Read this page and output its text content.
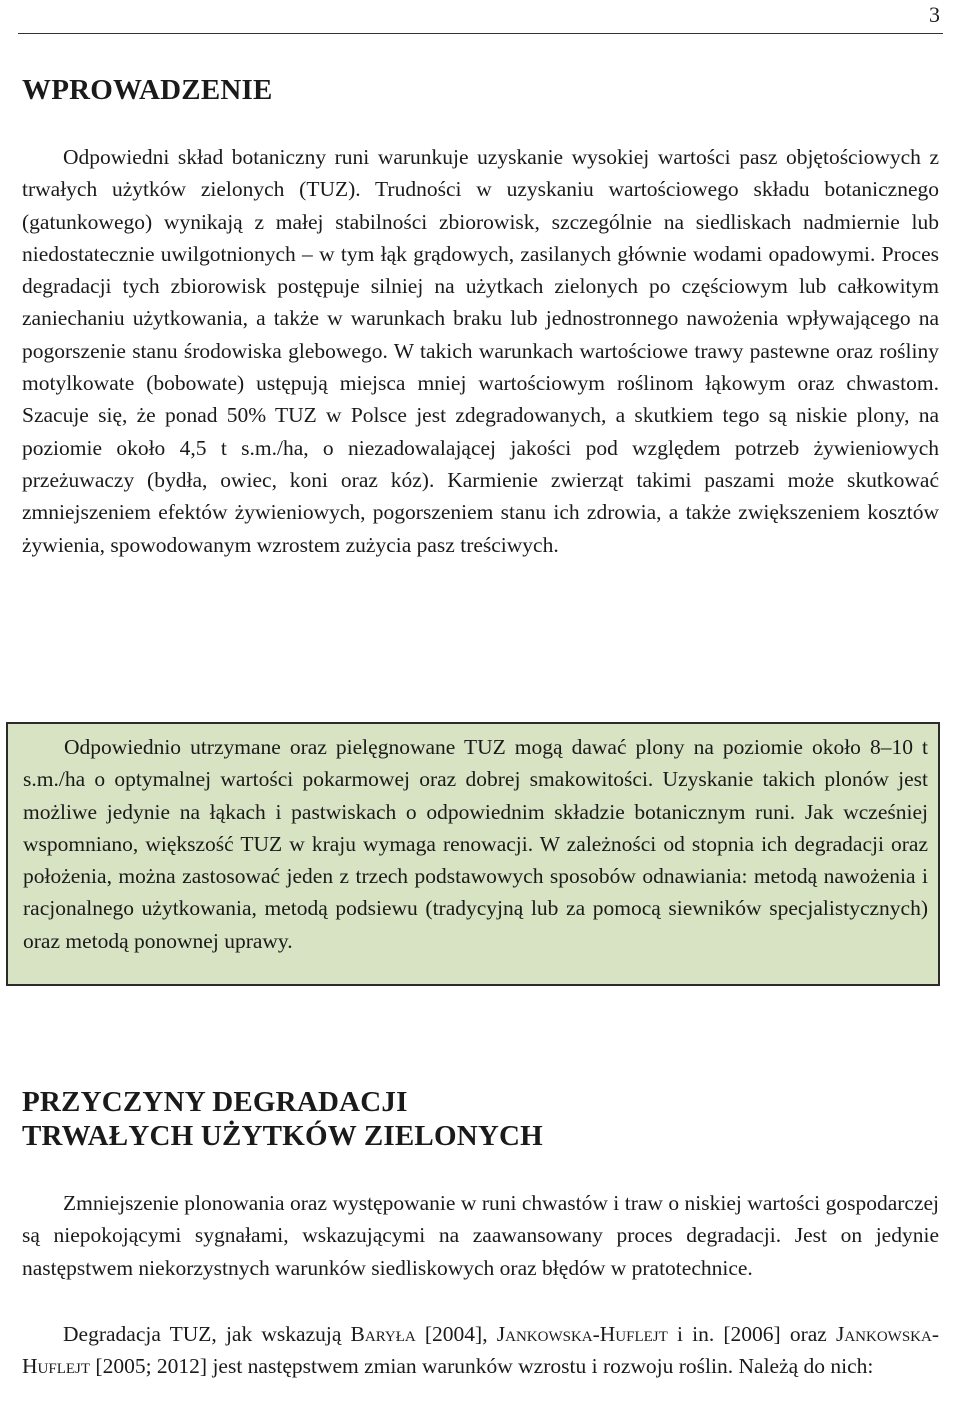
3
WPROWADZENIE

Odpowiedni skład botaniczny runi warunkuje uzyskanie wysokiej wartości pasz objętościowych z trwałych użytków zielonych (TUZ). Trudności w uzyskaniu wartościowego składu botanicznego (gatunkowego) wynikają z małej stabilności zbiorowisk, szczególnie na siedliskach nadmiernie lub niedostatecznie uwilgotnionych – w tym łąk grądowych, zasilanych głównie wodami opadowymi. Proces degradacji tych zbiorowisk postępuje silniej na użytkach zielonych po częściowym lub całkowitym zaniechaniu użytkowania, a także w warunkach braku lub jednostronnego nawożenia wpływającego na pogorszenie stanu środowiska glebowego. W takich warunkach wartościowe trawy pastewne oraz rośliny motylkowate (bobowate) ustępują miejsca mniej wartościowym roślinom łąkowym oraz chwastom. Szacuje się, że ponad 50% TUZ w Polsce jest zdegradowanych, a skutkiem tego są niskie plony, na poziomie około 4,5 t s.m./ha, o niezadowalającej jakości pod względem potrzeb żywieniowych przeżuwaczy (bydła, owiec, koni oraz kóz). Karmienie zwierząt takimi paszami może skutkować zmniejszeniem efektów żywieniowych, pogorszeniem stanu ich zdrowia, a także zwiększeniem kosztów żywienia, spowodowanym wzrostem zużycia pasz treściwych.

Odpowiednio utrzymane oraz pielęgnowane TUZ mogą dawać plony na poziomie około 8–10 t s.m./ha o optymalnej wartości pokarmowej oraz dobrej smakowitości. Uzyskanie takich plonów jest możliwe jedynie na łąkach i pastwiskach o odpowiednim składzie botanicznym runi. Jak wcześniej wspomniano, większość TUZ w kraju wymaga renowacji. W zależności od stopnia ich degradacji oraz położenia, można zastosować jeden z trzech podstawowych sposobów odnawiania: metodą nawożenia i racjonalnego użytkowania, metodą podsiewu (tradycyjną lub za pomocą siewników specjalistycznych) oraz metodą ponownej uprawy.

PRZYCZYNY DEGRADACJI
TRWAŁYCH UŻYTKÓW ZIELONYCH

Zmniejszenie plonowania oraz występowanie w runi chwastów i traw o niskiej wartości gospodarczej są niepokojącymi sygnałami, wskazującymi na zaawansowany proces degradacji. Jest on jedynie następstwem niekorzystnych warunków siedliskowych oraz błędów w pratotechnice.

Degradacja TUZ, jak wskazują Baryła [2004], Jankowska-Huflejt i in. [2006] oraz Jankowska-Huflejt [2005; 2012] jest następstwem zmian warunków wzrostu i rozwoju roślin. Należą do nich:
